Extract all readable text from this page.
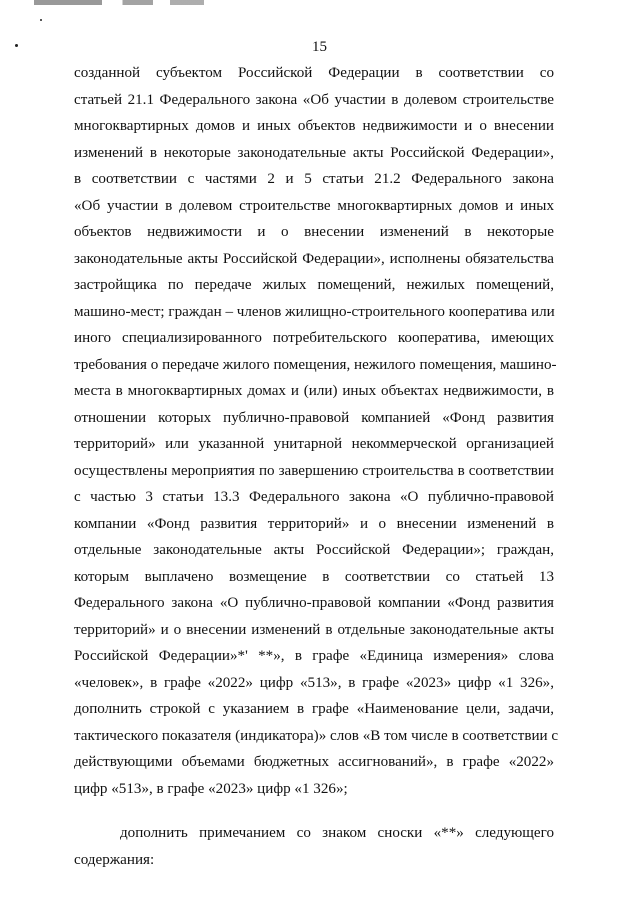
15

созданной субъектом Российской Федерации в соответствии со

статьей 21.1 Федерального закона «Об участии в долевом строительстве

многоквартирных домов и иных объектов недвижимости и о внесении

изменений в некоторые законодательные акты Российской Федерации»,

в соответствии с частями 2 и 5 статьи 21.2 Федерального закона

«Об участии в долевом строительстве многоквартирных домов и иных

объектов недвижимости и о внесении изменений в некоторые

законодательные акты Российской Федерации», исполнены обязательства

застройщика по передаче жилых помещений, нежилых помещений,

машино-мест; граждан – членов жилищно-строительного кооператива или

иного специализированного потребительского кооператива, имеющих

требования о передаче жилого помещения, нежилого помещения, машино-

места в многоквартирных домах и (или) иных объектах недвижимости, в

отношении которых публично-правовой компанией «Фонд развития

территорий» или указанной унитарной некоммерческой организацией

осуществлены мероприятия по завершению строительства в соответствии

с частью 3 статьи 13.3 Федерального закона «О публично-правовой

компании «Фонд развития территорий» и о внесении изменений в

отдельные законодательные акты Российской Федерации»; граждан,

которым выплачено возмещение в соответствии со статьей 13

Федерального закона «О публично-правовой компании «Фонд развития

территорий» и о внесении изменений в отдельные законодательные акты

Российской Федерации»*' **», в графе «Единица измерения» слова

«человек», в графе «2022» цифр «513», в графе «2023» цифр «1 326»,

дополнить строкой с указанием в графе «Наименование цели, задачи,

тактического показателя (индикатора)» слов «В том числе в соответствии с

действующими объемами бюджетных ассигнований», в графе «2022»

цифр «513», в графе «2023» цифр «1 326»;

дополнить примечанием со знаком сноски «**» следующего

содержания:
